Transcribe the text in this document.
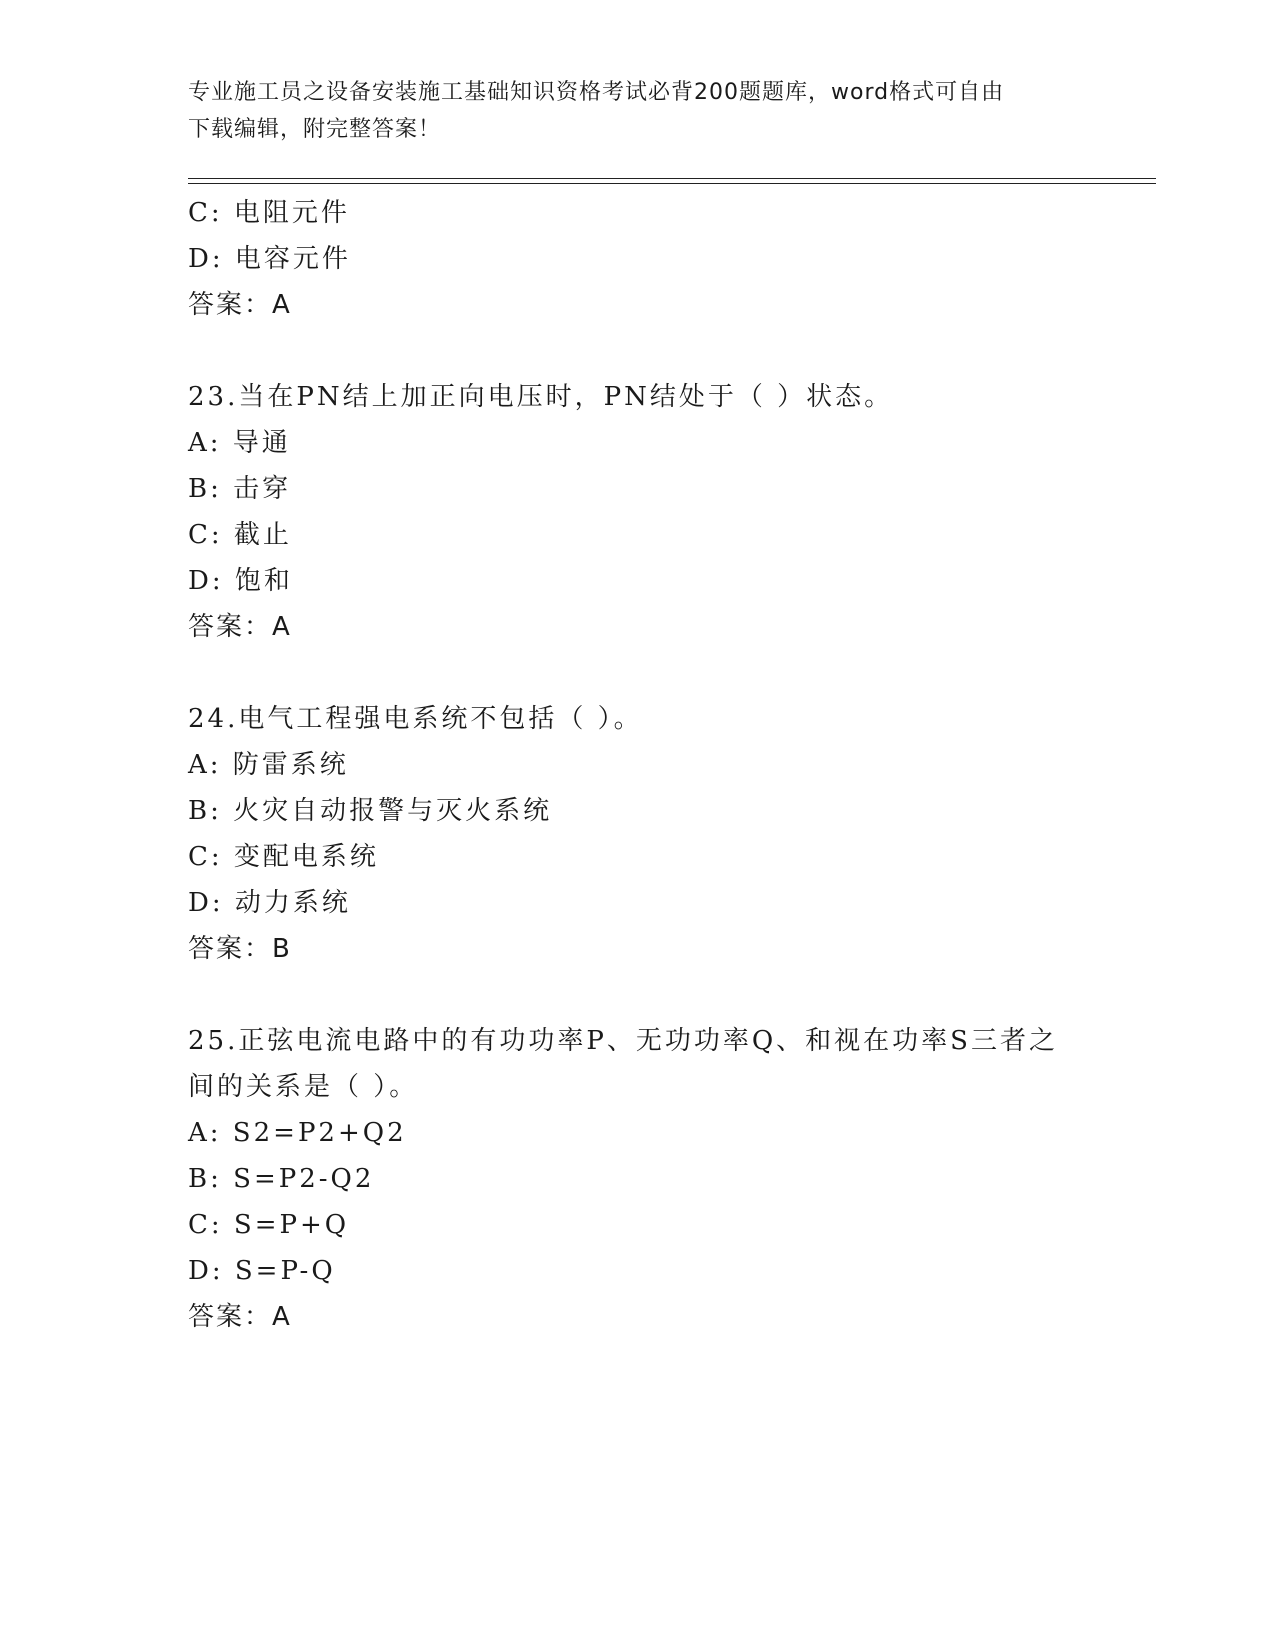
专业施工员之设备安装施工基础知识资格考试必背200题题库，word格式可自由
下载编辑，附完整答案！
C: 电阻元件
D: 电容元件
答案：A
23.当在PN结上加正向电压时，PN结处于（ ）状态。
A: 导通
B: 击穿
C: 截止
D: 饱和
答案：A
24.电气工程强电系统不包括（ ）。
A: 防雷系统
B: 火灾自动报警与灭火系统
C: 变配电系统
D: 动力系统
答案：B
25.正弦电流电路中的有功功率P、无功功率Q、和视在功率S三者之
间的关系是（ ）。
A: S2=P2+Q2
B: S=P2-Q2
C: S=P+Q
D: S=P-Q
答案：A
